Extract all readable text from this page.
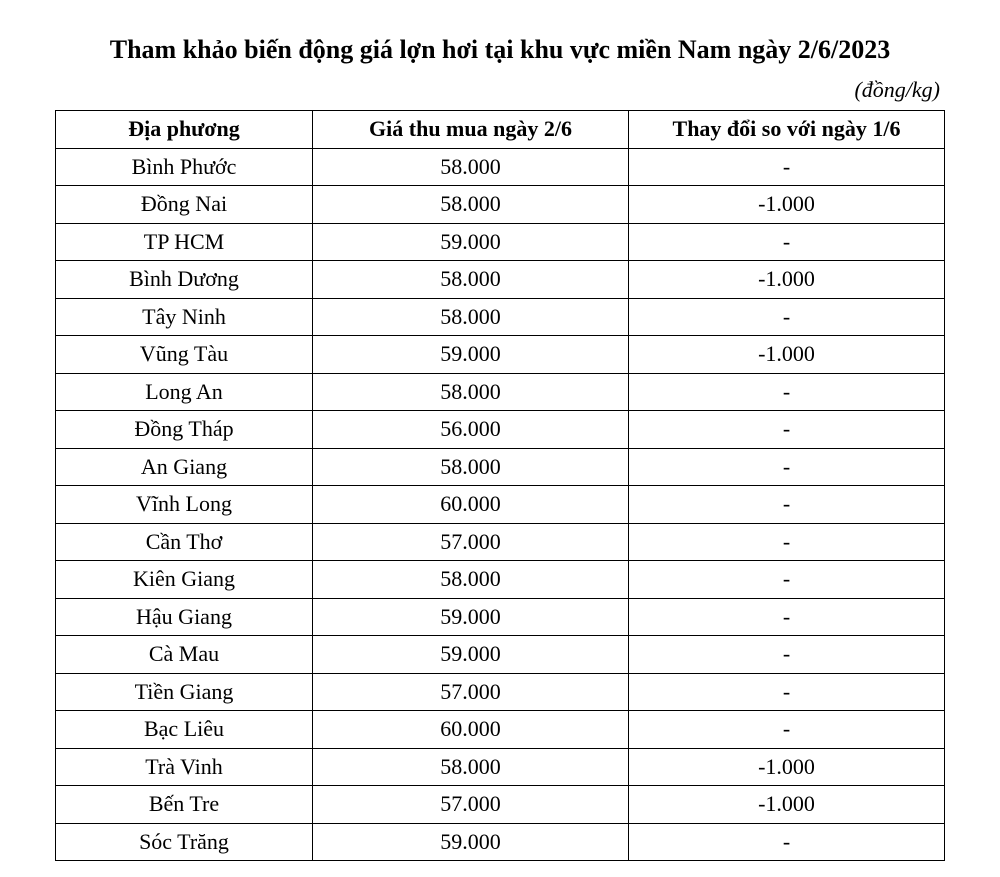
Tham khảo biến động giá lợn hơi tại khu vực miền Nam ngày 2/6/2023
(đồng/kg)
Địa phương	Giá thu mua ngày 2/6	Thay đổi so với ngày 1/6
Bình Phước	58.000	-
Đồng Nai	58.000	-1.000
TP HCM	59.000	-
Bình Dương	58.000	-1.000
Tây Ninh	58.000	-
Vũng Tàu	59.000	-1.000
Long An	58.000	-
Đồng Tháp	56.000	-
An Giang	58.000	-
Vĩnh Long	60.000	-
Cần Thơ	57.000	-
Kiên Giang	58.000	-
Hậu Giang	59.000	-
Cà Mau	59.000	-
Tiền Giang	57.000	-
Bạc Liêu	60.000	-
Trà Vinh	58.000	-1.000
Bến Tre	57.000	-1.000
Sóc Trăng	59.000	-
